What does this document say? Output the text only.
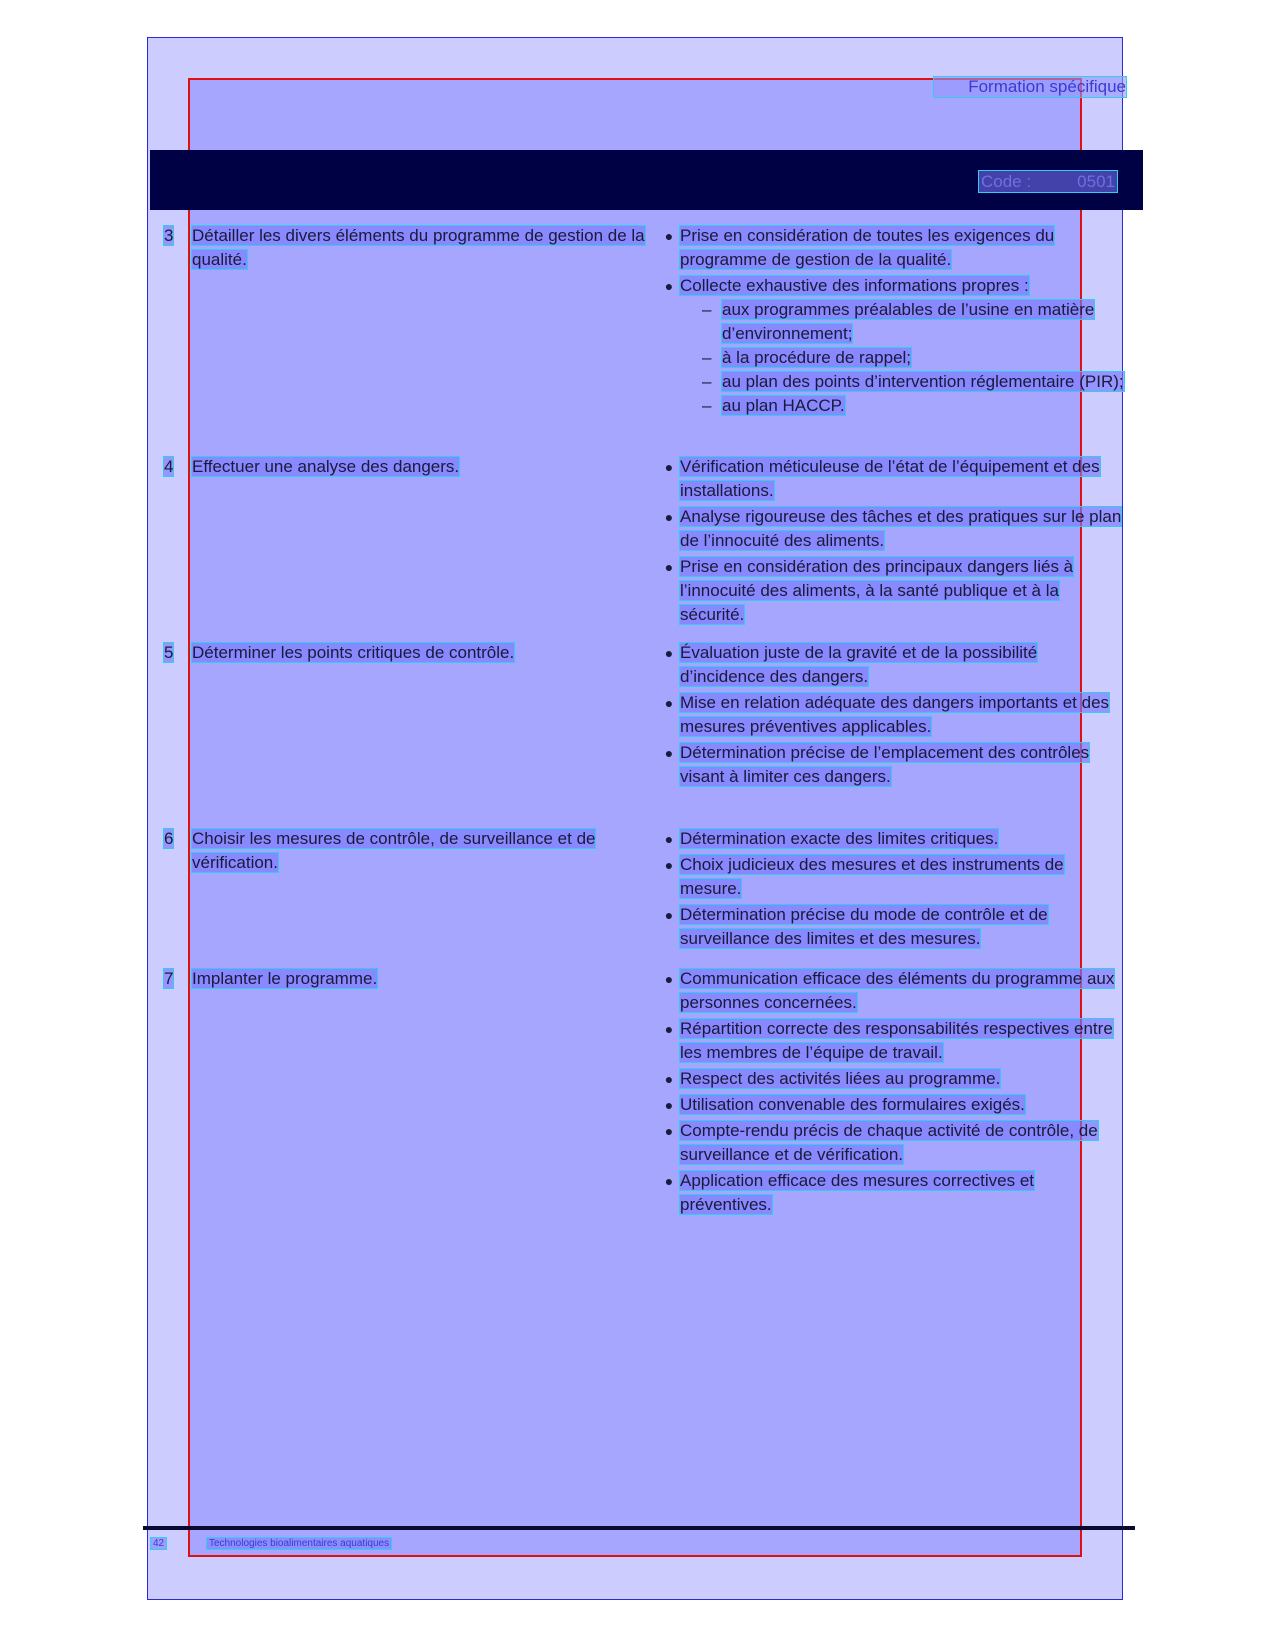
Formation spécifique
Code :	0501
3	Détailler les divers éléments du programme de gestion de la qualité.
● Prise en considération de toutes les exigences du programme de gestion de la qualité.
● Collecte exhaustive des informations propres :
– aux programmes préalables de l’usine en matière d’environnement;
– à la procédure de rappel;
– au plan des points d’intervention réglementaire (PIR);
– au plan HACCP.
4	Effectuer une analyse des dangers.	● Vérification méticuleuse de l’état de l’équipement et des installations.
● Analyse rigoureuse des tâches et des pratiques sur le plan de l’innocuité des aliments.
● Prise en considération des principaux dangers liés à l’innocuité des aliments, à la santé publique et à la sécurité.
5	Déterminer les points critiques de contrôle.	● Évaluation juste de la gravité et de la possibilité d’incidence des dangers.
● Mise en relation adéquate des dangers importants et des mesures préventives applicables.
● Détermination précise de l’emplacement des contrôles visant à limiter ces dangers.
6	Choisir les mesures de contrôle, de surveillance et de vérification.
● Détermination exacte des limites critiques.
● Choix judicieux des mesures et des instruments de mesure.
● Détermination précise du mode de contrôle et de surveillance des limites et des mesures.
7	Implanter le programme.	● Communication efficace des éléments du programme aux personnes concernées.
● Répartition correcte des responsabilités respectives entre les membres de l’équipe de travail.
● Respect des activités liées au programme.
● Utilisation convenable des formulaires exigés.
● Compte-rendu précis de chaque activité de contrôle, de surveillance et de vérification.
● Application efficace des mesures correctives et préventives.
42	Technologies bioalimentaires aquatiques
